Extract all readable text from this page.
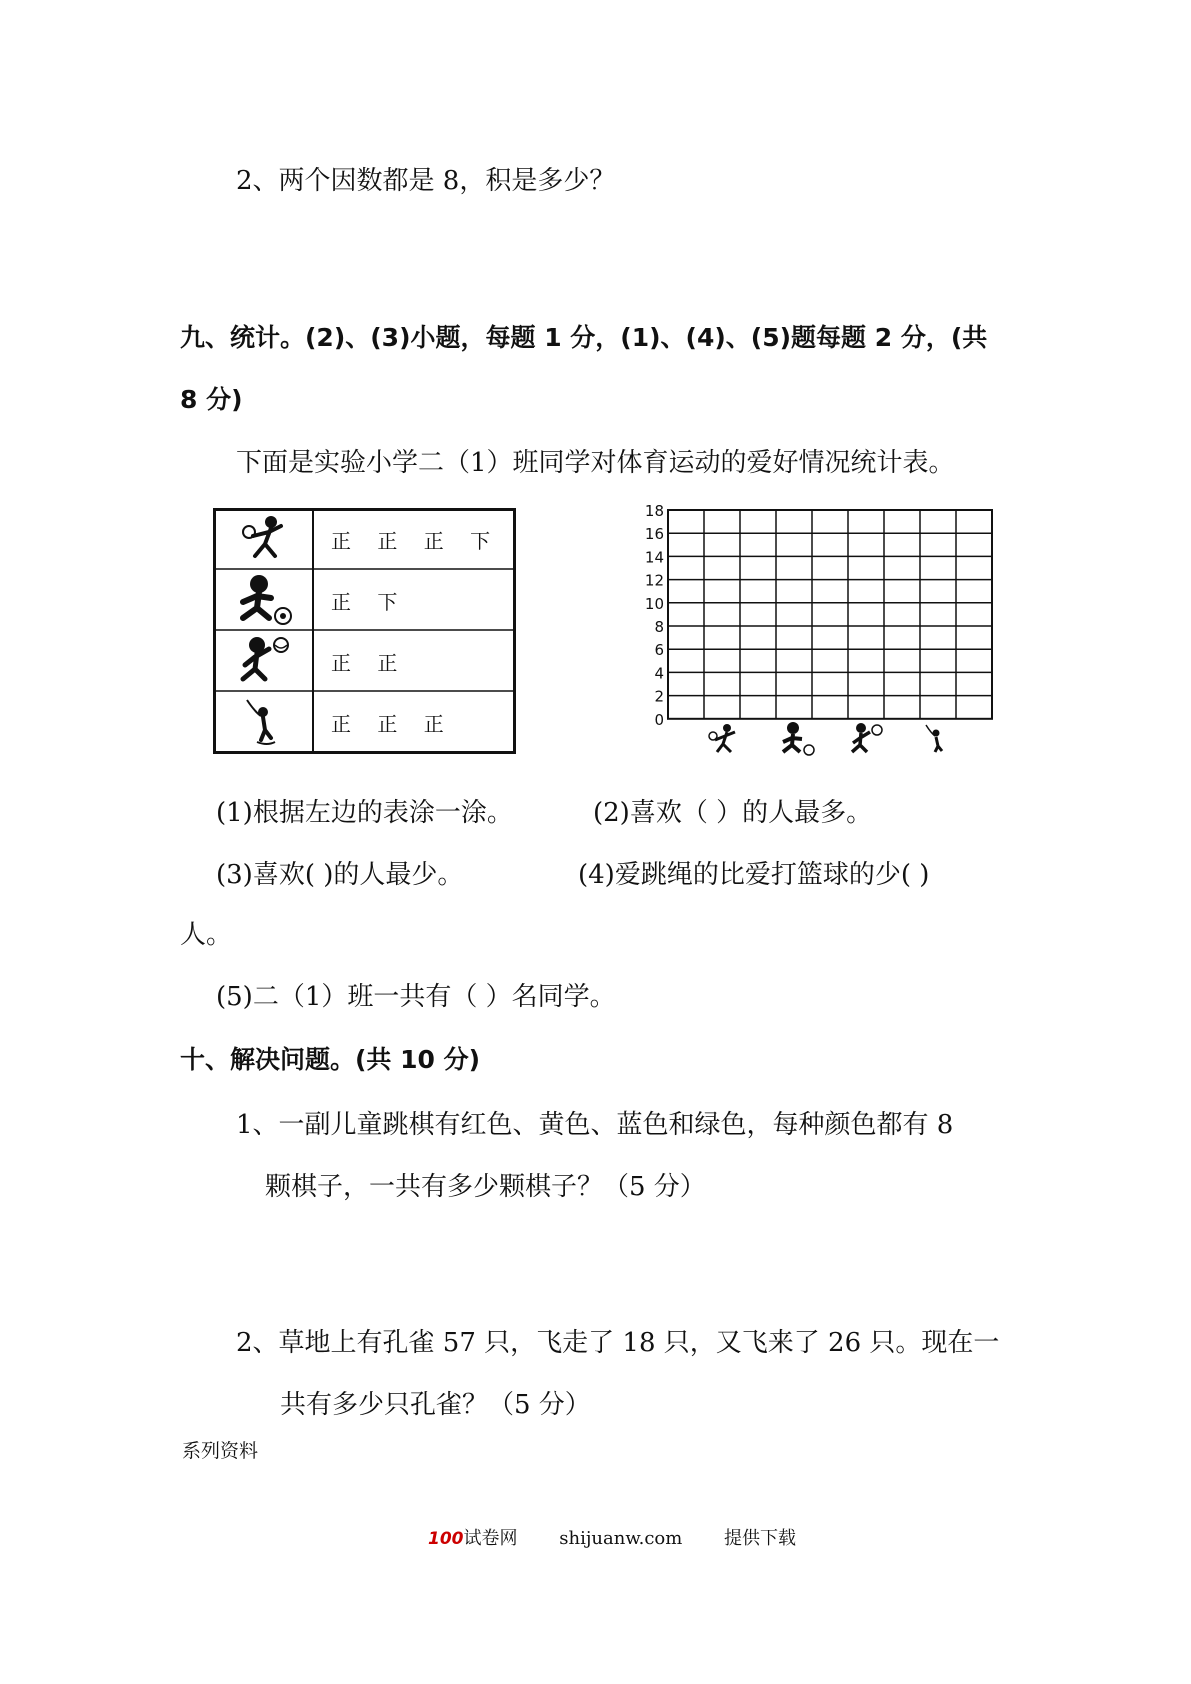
2、两个因数都是 8，积是多少？
九、统计。(2)、(3)小题，每题 1 分，(1)、(4)、(5)题每题 2 分，(共
8 分)
下面是实验小学二（1）班同学对体育运动的爱好情况统计表。
正 正 正 下
正 下
正 正
正 正 正	0
2
4
6
8
10
12
14
16
18
(1)根据左边的表涂一涂。	(2)喜欢（ ）的人最多。
(3)喜欢( )的人最少。	(4)爱跳绳的比爱打篮球的少( )
人。
(5)二（1）班一共有（ ）名同学。
十、解决问题。(共 10 分)
1、一副儿童跳棋有红色、黄色、蓝色和绿色，每种颜色都有 8
颗棋子，一共有多少颗棋子？（5 分）
2、草地上有孔雀 57 只，飞走了 18 只，又飞来了 26 只。现在一
共有多少只孔雀？（5 分）
系列资料
100试卷网 shijuanw.com 提供下载
